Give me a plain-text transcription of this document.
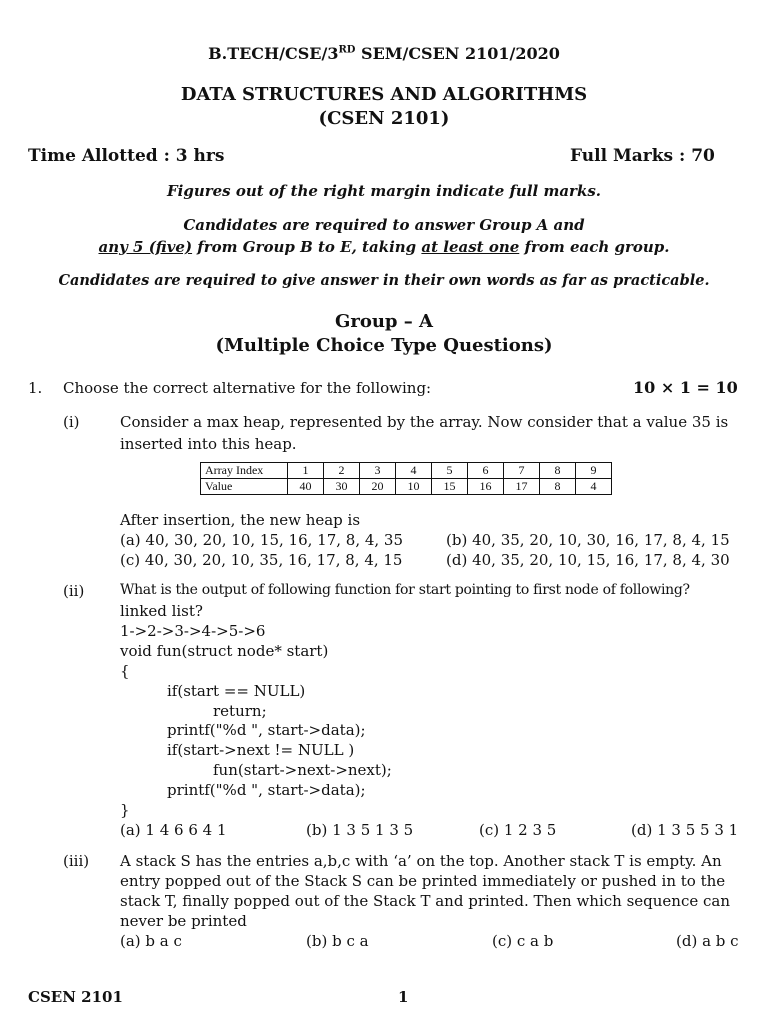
B.TECH/CSE/3RD SEM/CSEN 2101/2020
DATA STRUCTURES AND ALGORITHMS
(CSEN 2101)
Time Allotted : 3 hrs	Full Marks : 70
Figures out of the right margin indicate full marks.
Candidates are required to answer Group A and
any 5 (five) from Group B to E, taking at least one from each group.
Candidates are required to give answer in their own words as far as practicable.
Group – A
(Multiple Choice Type Questions)
1. Choose the correct alternative for the following:	10 × 1 = 10
(i)	Consider a max heap, represented by the array. Now consider that a value 35 is
inserted into this heap.
Array Index	1	2	3	4	5	6	7	8	9
Value	40	30	20	10	15	16	17	8	4
After insertion, the new heap is
(a) 40, 30, 20, 10, 15, 16, 17, 8, 4, 35	(b) 40, 35, 20, 10, 30, 16, 17, 8, 4, 15
(c) 40, 30, 20, 10, 35, 16, 17, 8, 4, 15	(d) 40, 35, 20, 10, 15, 16, 17, 8, 4, 30
(ii)	What is the output of following function for start pointing to first node of following?
linked list?
1->2->3->4->5->6
void fun(struct node* start)
{
if(start == NULL)
return;
printf("%d ", start->data);
if(start->next != NULL )
fun(start->next->next);
printf("%d ", start->data);
}
(a) 1 4 6 6 4 1	(b) 1 3 5 1 3 5	(c) 1 2 3 5	(d) 1 3 5 5 3 1
(iii) A stack S has the entries a,b,c with ‘a’ on the top. Another stack T is empty. An
entry popped out of the Stack S can be printed immediately or pushed in to the
stack T, finally popped out of the Stack T and printed. Then which sequence can
never be printed
(a) b a c	(b) b c a	(c) c a b	(d) a b c
CSEN 2101	1
